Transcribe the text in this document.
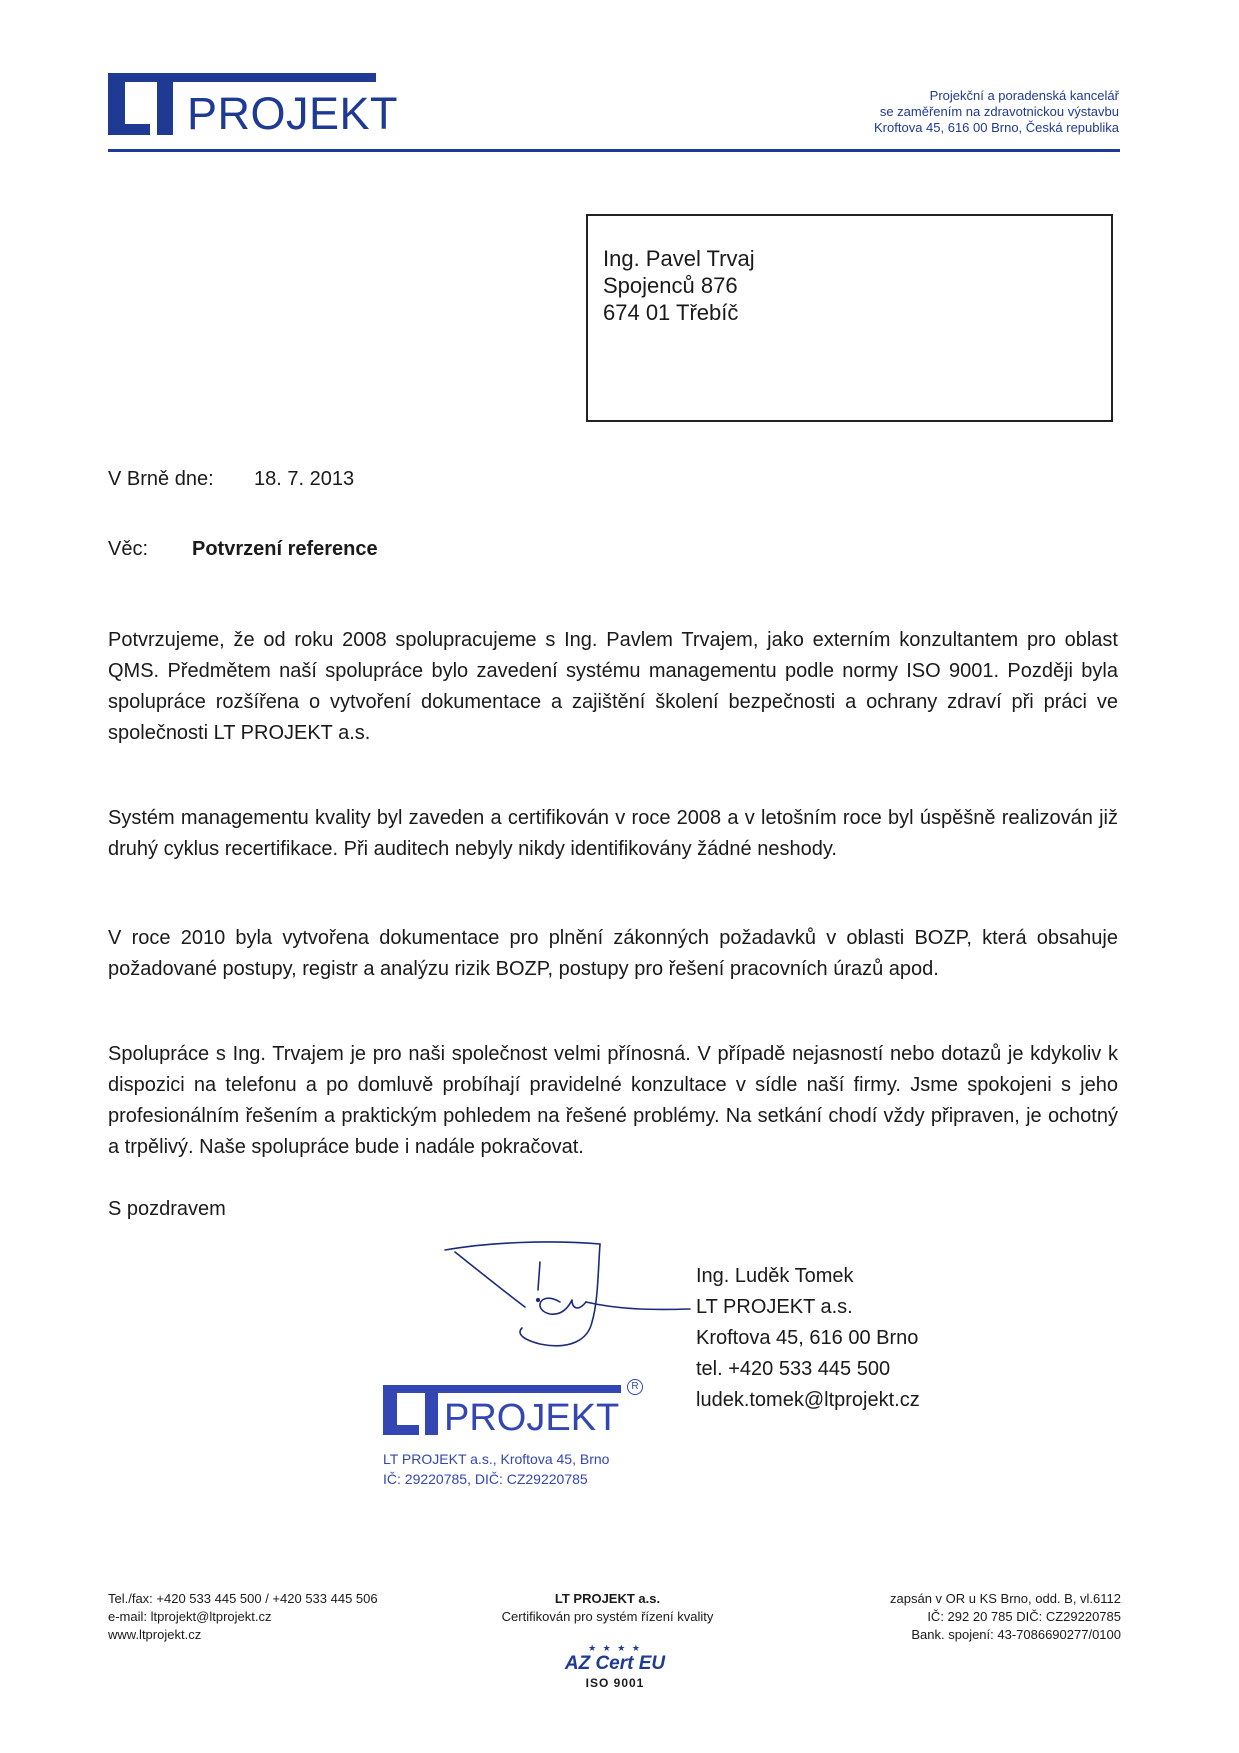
PROJEKT	Projekční a poradenská kancelář
se zaměřením na zdravotnickou výstavbu
Kroftova 45, 616 00 Brno, Česká republika
Ing. Pavel Trvaj
Spojenců 876
674 01 Třebíč
V Brně dne: 18. 7. 2013
Věc: Potvrzení reference
Potvrzujeme, že od roku 2008 spolupracujeme s Ing. Pavlem Trvajem, jako externím konzultantem pro oblast QMS. Předmětem naší spolupráce bylo zavedení systému managementu podle normy ISO 9001. Později byla spolupráce rozšířena o vytvoření dokumentace a zajištění školení bezpečnosti a ochrany zdraví při práci ve společnosti LT PROJEKT a.s.
Systém managementu kvality byl zaveden a certifikován v roce 2008 a v letošním roce byl úspěšně realizován již druhý cyklus recertifikace. Při auditech nebyly nikdy identifikovány žádné neshody.
V roce 2010 byla vytvořena dokumentace pro plnění zákonných požadavků v oblasti BOZP, která obsahuje požadované postupy, registr a analýzu rizik BOZP, postupy pro řešení pracovních úrazů apod.
Spolupráce s Ing. Trvajem je pro naši společnost velmi přínosná. V případě nejasností nebo dotazů je kdykoliv k dispozici na telefonu a po domluvě probíhají pravidelné konzultace v sídle naší firmy. Jsme spokojeni s jeho profesionálním řešením a praktickým pohledem na řešené problémy. Na setkání chodí vždy připraven, je ochotný a trpělivý. Naše spolupráce bude i nadále pokračovat.
S pozdravem
Ing. Luděk Tomek
LT PROJEKT a.s.
Kroftova 45, 616 00 Brno
tel. +420 533 445 500
ludek.tomek@ltprojekt.cz
PROJEKT
R
LT PROJEKT a.s., Kroftova 45, Brno
IČ: 29220785, DIČ: CZ29220785
Tel./fax: +420 533 445 500 / +420 533 445 506
e-mail: ltprojekt@ltprojekt.cz
www.ltprojekt.cz
LT PROJEKT a.s.
Certifikován pro systém řízení kvality
zapsán v OR u KS Brno, odd. B, vl.6112
IČ: 292 20 785 DIČ: CZ29220785
Bank. spojení: 43-7086690277/0100
★ ★ ★ ★
AZ Cert EU
ISO 9001
